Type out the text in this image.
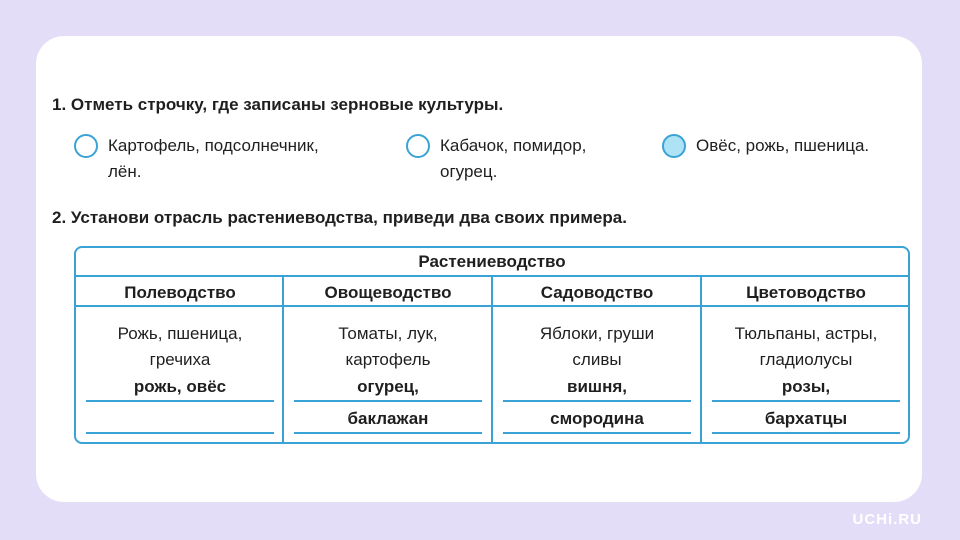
1. Отметь строчку, где записаны зерновые культуры.
Картофель, подсолнечник,
лён.
Кабачок, помидор,
огурец.
Овёс, рожь, пшеница.
2. Установи отрасль растениеводства, приведи два своих примера.
Растениеводство
Полеводство
Рожь, пшеница,
гречиха
рожь, овёс
Овощеводство
Томаты, лук,
картофель
огурец,
баклажан
Садоводство
Яблоки, груши
сливы
вишня,
смородина
Цветоводство
Тюльпаны, астры,
гладиолусы
розы,
бархатцы
UCHi.RU
